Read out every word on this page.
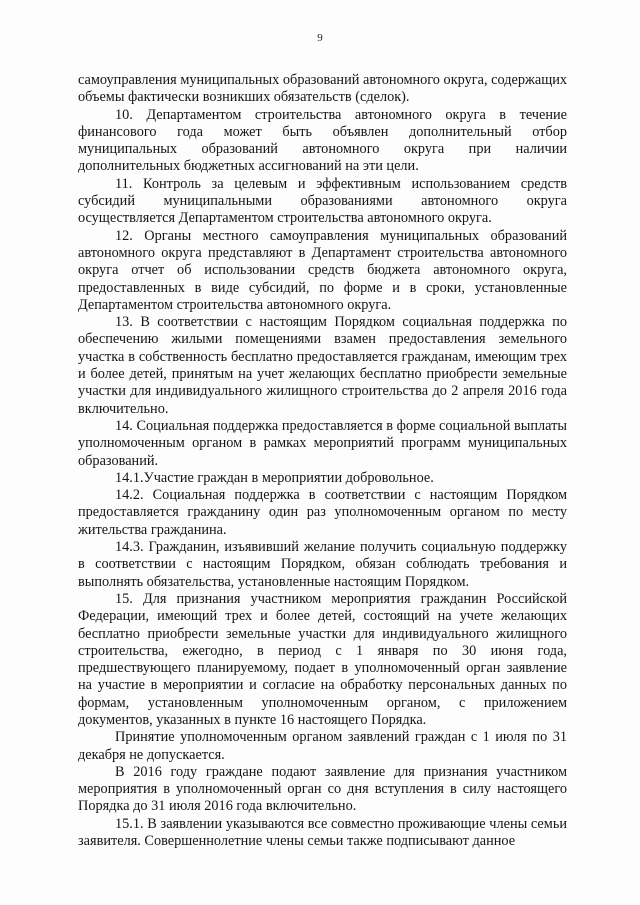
9

самоуправления муниципальных образований автономного округа, содержащих объемы фактически возникших обязательств (сделок).

10. Департаментом строительства автономного округа в течение финансового года может быть объявлен дополнительный отбор муниципальных образований автономного округа при наличии дополнительных бюджетных ассигнований на эти цели.

11. Контроль за целевым и эффективным использованием средств субсидий муниципальными образованиями автономного округа осуществляется Департаментом строительства автономного округа.

12. Органы местного самоуправления муниципальных образований автономного округа представляют в Департамент строительства автономного округа отчет об использовании средств бюджета автономного округа, предоставленных в виде субсидий, по форме и в сроки, установленные Департаментом строительства автономного округа.

13. В соответствии с настоящим Порядком социальная поддержка по обеспечению жилыми помещениями взамен предоставления земельного участка в собственность бесплатно предоставляется гражданам, имеющим трех и более детей, принятым на учет желающих бесплатно приобрести земельные участки для индивидуального жилищного строительства до 2 апреля 2016 года включительно.

14. Социальная поддержка предоставляется в форме социальной выплаты уполномоченным органом в рамках мероприятий программ муниципальных образований.

14.1.Участие граждан в мероприятии добровольное.

14.2. Социальная поддержка в соответствии с настоящим Порядком предоставляется гражданину один раз уполномоченным органом по месту жительства гражданина.

14.3. Гражданин, изъявивший желание получить социальную поддержку в соответствии с настоящим Порядком, обязан соблюдать требования и выполнять обязательства, установленные настоящим Порядком.

15. Для признания участником мероприятия гражданин Российской Федерации, имеющий трех и более детей, состоящий на учете желающих бесплатно приобрести земельные участки для индивидуального жилищного строительства, ежегодно, в период с 1 января по 30 июня года, предшествующего планируемому, подает в уполномоченный орган заявление на участие в мероприятии и согласие на обработку персональных данных по формам, установленным уполномоченным органом, с приложением документов, указанных в пункте 16 настоящего Порядка.

Принятие уполномоченным органом заявлений граждан с 1 июля по 31 декабря не допускается.

В 2016 году граждане подают заявление для признания участником мероприятия в уполномоченный орган со дня вступления в силу настоящего Порядка до 31 июля 2016 года включительно.

15.1. В заявлении указываются все совместно проживающие члены семьи заявителя. Совершеннолетние члены семьи также подписывают данное
